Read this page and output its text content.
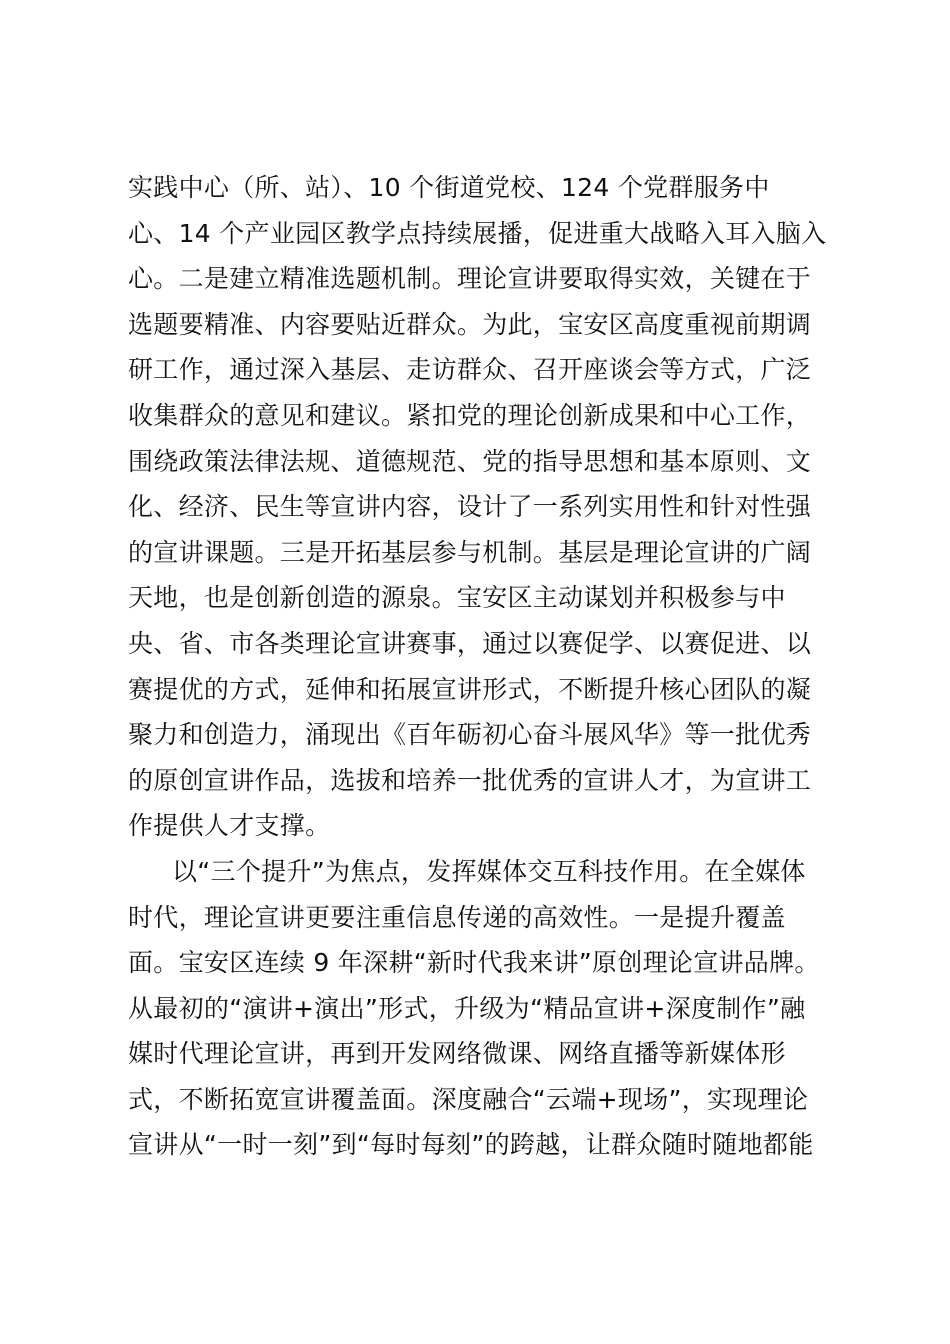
实践中心（所、站）、10 个街道党校、124 个党群服务中
心、14 个产业园区教学点持续展播，促进重大战略入耳入脑入
心。二是建立精准选题机制。理论宣讲要取得实效，关键在于
选题要精准、内容要贴近群众。为此，宝安区高度重视前期调
研工作，通过深入基层、走访群众、召开座谈会等方式，广泛
收集群众的意见和建议。紧扣党的理论创新成果和中心工作，
围绕政策法律法规、道德规范、党的指导思想和基本原则、文
化、经济、民生等宣讲内容，设计了一系列实用性和针对性强
的宣讲课题。三是开拓基层参与机制。基层是理论宣讲的广阔
天地，也是创新创造的源泉。宝安区主动谋划并积极参与中
央、省、市各类理论宣讲赛事，通过以赛促学、以赛促进、以
赛提优的方式，延伸和拓展宣讲形式，不断提升核心团队的凝
聚力和创造力，涌现出《百年砺初心奋斗展风华》等一批优秀
的原创宣讲作品，选拔和培养一批优秀的宣讲人才，为宣讲工
作提供人才支撑。
以“三个提升”为焦点，发挥媒体交互科技作用。在全媒体
时代，理论宣讲更要注重信息传递的高效性。一是提升覆盖
面。宝安区连续 9 年深耕“新时代我来讲”原创理论宣讲品牌。
从最初的“演讲+演出”形式，升级为“精品宣讲+深度制作”融
媒时代理论宣讲，再到开发网络微课、网络直播等新媒体形
式，不断拓宽宣讲覆盖面。深度融合“云端+现场”，实现理论
宣讲从“一时一刻”到“每时每刻”的跨越，让群众随时随地都能
